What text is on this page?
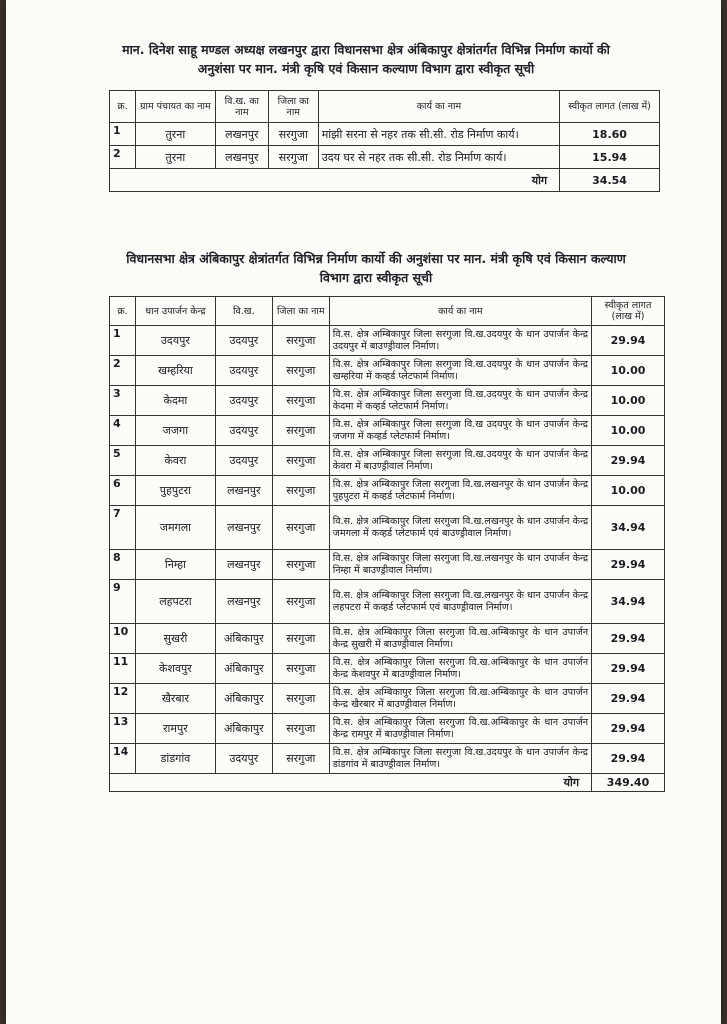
मान. दिनेश साहू मण्डल अध्यक्ष लखनपुर द्वारा विधानसभा क्षेत्र अंबिकापुर क्षेत्रांतर्गत विभिन्न निर्माण कार्यो की अनुशंसा पर मान. मंत्री कृषि एवं किसान कल्याण विभाग द्वारा स्वीकृत सूची
क्र.	ग्राम पंचायत का नाम	वि.ख. का नाम	जिला का नाम	कार्य का नाम	स्वीकृत लागत (लाख में)
1	तुरना	लखनपुर	सरगुजा	मांझी सरना से नहर तक सी.सी. रोड निर्माण कार्य।	18.60
2	तुरना	लखनपुर	सरगुजा	उदय घर से नहर तक सी.सी. रोड निर्माण कार्य।	15.94
योग					34.54
विधानसभा क्षेत्र अंबिकापुर क्षेत्रांतर्गत विभिन्न निर्माण कार्यो की अनुशंसा पर मान. मंत्री कृषि एवं किसान कल्याण विभाग द्वारा स्वीकृत सूची
क्र.	धान उपार्जन केन्द्र	वि.ख.	जिला का नाम	कार्य का नाम	स्वीकृत लागत (लाख में)
1	उदयपुर	उदयपुर	सरगुजा	वि.स. क्षेत्र अम्बिकापुर जिला सरगुजा वि.ख.उदयपुर के धान उपार्जन केन्द्र उदयपुर में बाउण्ड्रीवाल निर्माण।	29.94
2	खम्हरिया	उदयपुर	सरगुजा	वि.स. क्षेत्र अम्बिकापुर जिला सरगुजा वि.ख.उदयपुर के धान उपार्जन केन्द्र खम्हरिया में कव्हर्ड प्लेटफार्म निर्माण।	10.00
3	केदमा	उदयपुर	सरगुजा	वि.स. क्षेत्र अम्बिकापुर जिला सरगुजा वि.ख.उदयपुर के धान उपार्जन केन्द्र केदमा में कव्हर्ड प्लेटफार्म निर्माण।	10.00
4	जजगा	उदयपुर	सरगुजा	वि.स. क्षेत्र अम्बिकापुर जिला सरगुजा वि.ख उदयपुर के धान उपार्जन केन्द्र जजगा में कव्हर्ड प्लेटफार्म निर्माण।	10.00
5	केवरा	उदयपुर	सरगुजा	वि.स. क्षेत्र अम्बिकापुर जिला सरगुजा वि.ख.उदयपुर के धान उपार्जन केन्द्र केवरा में बाउण्ड्रीवाल निर्माण।	29.94
6	पुहपुटरा	लखनपुर	सरगुजा	वि.स. क्षेत्र अम्बिकापुर जिला सरगुजा वि.ख.लखनपुर के धान उपार्जन केन्द्र पुहपुटरा में कव्हर्ड प्लेटफार्म निर्माण।	10.00
7	जमगला	लखनपुर	सरगुजा	वि.स. क्षेत्र अम्बिकापुर जिला सरगुजा वि.ख.लखनपुर के धान उपार्जन केन्द्र जमगला में कव्हर्ड प्लेटफार्म एवं बाउण्ड्रीवाल निर्माण।	34.94
8	निम्हा	लखनपुर	सरगुजा	वि.स. क्षेत्र अम्बिकापुर जिला सरगुजा वि.ख.लखनपुर के धान उपार्जन केन्द्र निम्हा में बाउण्ड्रीवाल निर्माण।	29.94
9	लहपटरा	लखनपुर	सरगुजा	वि.स. क्षेत्र अम्बिकापुर जिला सरगुजा वि.ख.लखनपुर के धान उपार्जन केन्द्र लहपटरा में कव्हर्ड प्लेटफार्म एवं बाउण्ड्रीवाल निर्माण।	34.94
10	सुखरी	अंबिकापुर	सरगुजा	वि.स. क्षेत्र अम्बिकापुर जिला सरगुजा वि.ख.अम्बिकापुर के धान उपार्जन केन्द्र सुखरी में बाउण्ड्रीवाल निर्माण।	29.94
11	केशवपुर	अंबिकापुर	सरगुजा	वि.स. क्षेत्र अम्बिकापुर जिला सरगुजा वि.ख.अम्बिकापुर के धान उपार्जन केन्द्र केशवपुर में बाउण्ड्रीवाल निर्माण।	29.94
12	खैरबार	अंबिकापुर	सरगुजा	वि.स. क्षेत्र अम्बिकापुर जिला सरगुजा वि.ख.अम्बिकापुर के धान उपार्जन केन्द्र खैरबार में बाउण्ड्रीवाल निर्माण।	29.94
13	रामपुर	अंबिकापुर	सरगुजा	वि.स. क्षेत्र अम्बिकापुर जिला सरगुजा वि.ख.अम्बिकापुर के धान उपार्जन केन्द्र रामपुर में बाउण्ड्रीवाल निर्माण।	29.94
14	डांडगांव	उदयपुर	सरगुजा	वि.स. क्षेत्र अम्बिकापुर जिला सरगुजा वि.ख.उदयपुर के धान उपार्जन केन्द्र डांडगांव में बाउण्ड्रीवाल निर्माण।	29.94
योग					349.40
